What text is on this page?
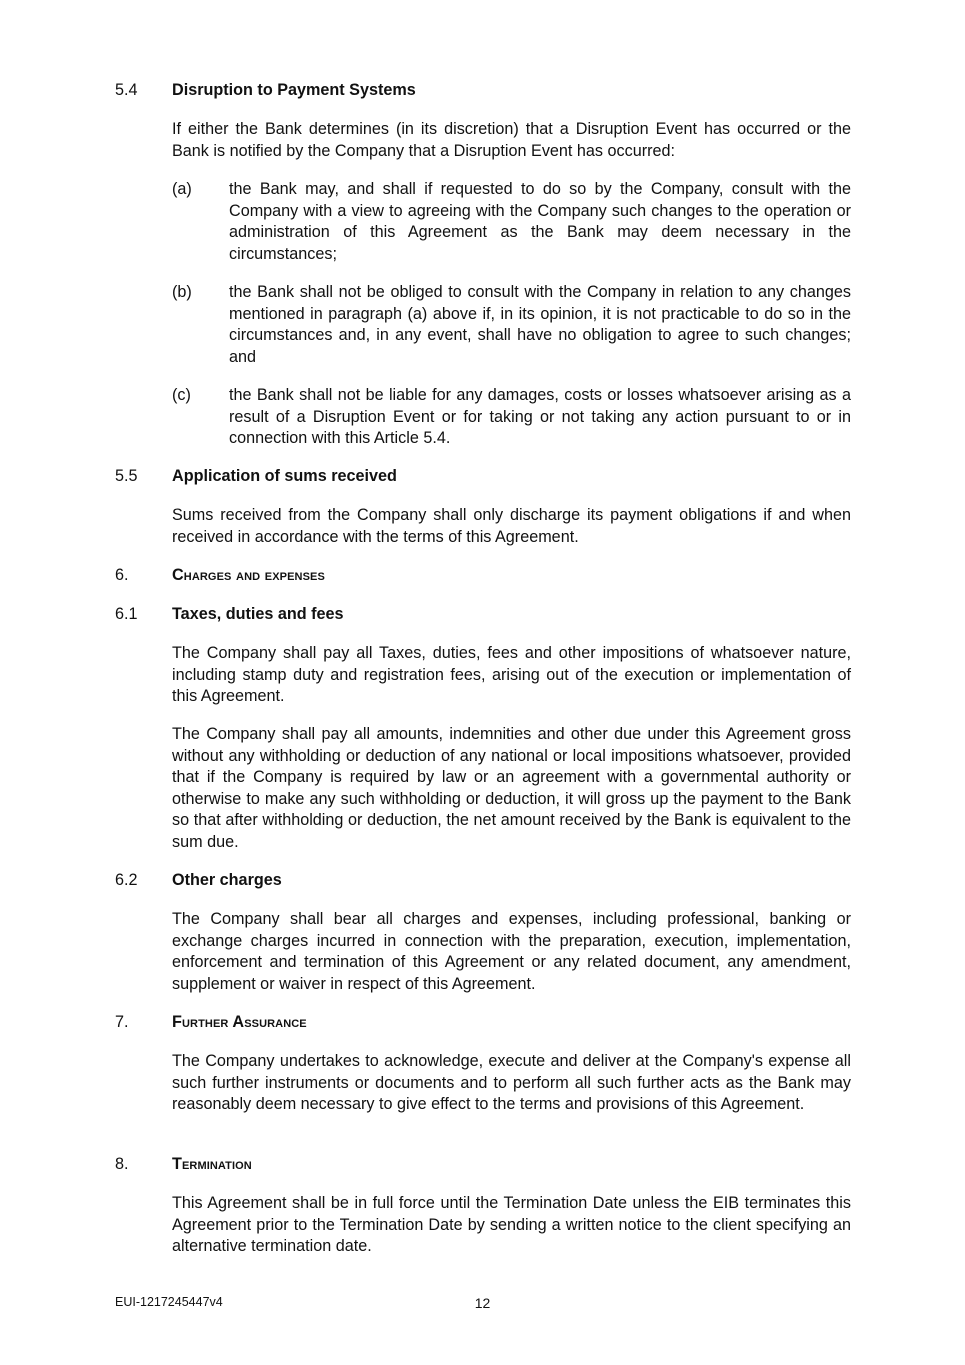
5.4 Disruption to Payment Systems
If either the Bank determines (in its discretion) that a Disruption Event has occurred or the Bank is notified by the Company that a Disruption Event has occurred:
(a) the Bank may, and shall if requested to do so by the Company, consult with the Company with a view to agreeing with the Company such changes to the operation or administration of this Agreement as the Bank may deem necessary in the circumstances;
(b) the Bank shall not be obliged to consult with the Company in relation to any changes mentioned in paragraph (a) above if, in its opinion, it is not practicable to do so in the circumstances and, in any event, shall have no obligation to agree to such changes; and
(c) the Bank shall not be liable for any damages, costs or losses whatsoever arising as a result of a Disruption Event or for taking or not taking any action pursuant to or in connection with this Article 5.4.
5.5 Application of sums received
Sums received from the Company shall only discharge its payment obligations if and when received in accordance with the terms of this Agreement.
6.	Charges and expenses
6.1 Taxes, duties and fees
The Company shall pay all Taxes, duties, fees and other impositions of whatsoever nature, including stamp duty and registration fees, arising out of the execution or implementation of this Agreement.
The Company shall pay all amounts, indemnities and other due under this Agreement gross without any withholding or deduction of any national or local impositions whatsoever, provided that if the Company is required by law or an agreement with a governmental authority or otherwise to make any such withholding or deduction, it will gross up the payment to the Bank so that after withholding or deduction, the net amount received by the Bank is equivalent to the sum due.
6.2 Other charges
The Company shall bear all charges and expenses, including professional, banking or exchange charges incurred in connection with the preparation, execution, implementation, enforcement and termination of this Agreement or any related document, any amendment, supplement or waiver in respect of this Agreement.
7.	Further Assurance
The Company undertakes to acknowledge, execute and deliver at the Company's expense all such further instruments or documents and to perform all such further acts as the Bank may reasonably deem necessary to give effect to the terms and provisions of this Agreement.
8.	Termination
This Agreement shall be in full force until the Termination Date unless the EIB terminates this Agreement prior to the Termination Date by sending a written notice to the client specifying an alternative termination date.
EUI-1217245447v4	12
